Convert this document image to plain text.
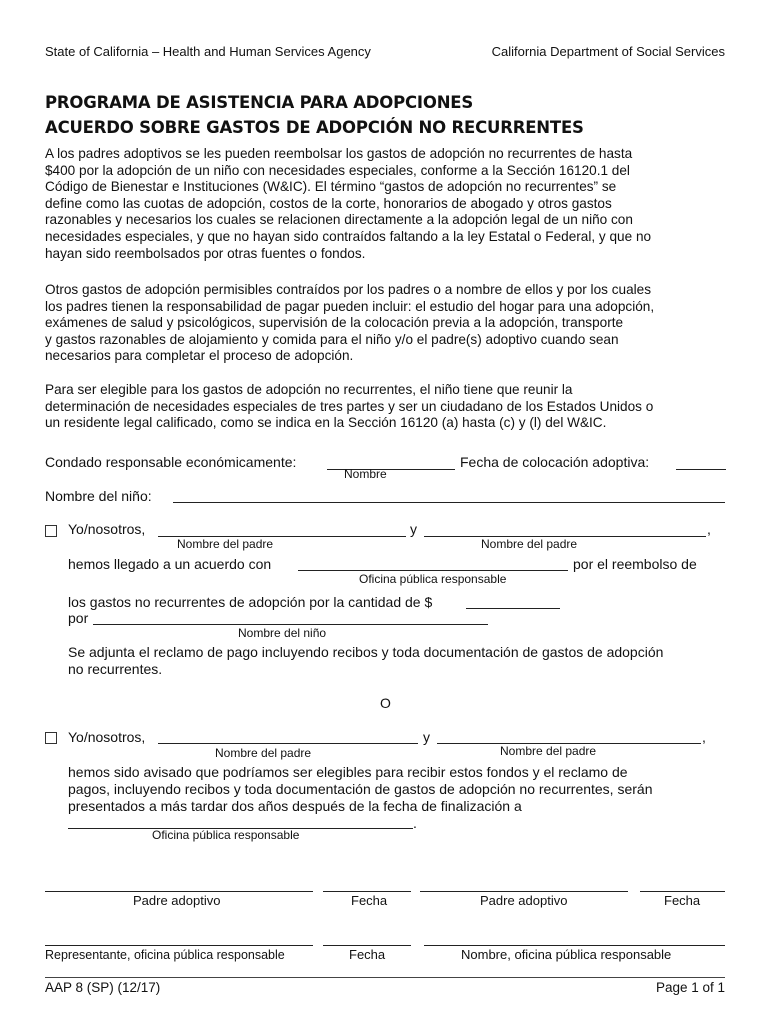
State of California – Health and Human Services Agency	California Department of Social Services
PROGRAMA DE ASISTENCIA PARA ADOPCIONES
ACUERDO SOBRE GASTOS DE ADOPCIÓN NO RECURRENTES
A los padres adoptivos se les pueden reembolsar los gastos de adopción no recurrentes de hasta
$400 por la adopción de un niño con necesidades especiales, conforme a la Sección 16120.1 del
Código de Bienestar e Instituciones (W&IC). El término “gastos de adopción no recurrentes” se
define como las cuotas de adopción, costos de la corte, honorarios de abogado y otros gastos
razonables y necesarios los cuales se relacionen directamente a la adopción legal de un niño con
necesidades especiales, y que no hayan sido contraídos faltando a la ley Estatal o Federal, y que no
hayan sido reembolsados por otras fuentes o fondos.
Otros gastos de adopción permisibles contraídos por los padres o a nombre de ellos y por los cuales
los padres tienen la responsabilidad de pagar pueden incluir: el estudio del hogar para una adopción,
exámenes de salud y psicológicos, supervisión de la colocación previa a la adopción, transporte
y gastos razonables de alojamiento y comida para el niño y/o el padre(s) adoptivo cuando sean
necesarios para completar el proceso de adopción.
Para ser elegible para los gastos de adopción no recurrentes, el niño tiene que reunir la
determinación de necesidades especiales de tres partes y ser un ciudadano de los Estados Unidos o
un residente legal calificado, como se indica en la Sección 16120 (a) hasta (c) y (l) del W&IC.
Condado responsable económicamente:
Nombre
Fecha de colocación adoptiva:
Nombre del niño:
Yo/nosotros,	y	,
Nombre del padre	Nombre del padre
hemos llegado a un acuerdo con	por el reembolso de
Oficina pública responsable
los gastos no recurrentes de adopción por la cantidad de $
por
Nombre del niño
Se adjunta el reclamo de pago incluyendo recibos y toda documentación de gastos de adopción
no recurrentes.
O
Yo/nosotros,	y	,
Nombre del padre	Nombre del padre
hemos sido avisado que podríamos ser elegibles para recibir estos fondos y el reclamo de
pagos, incluyendo recibos y toda documentación de gastos de adopción no recurrentes, serán
presentados a más tardar dos años después de la fecha de finalización a
.
Oficina pública responsable
Padre adoptivo	Fecha	Padre adoptivo	Fecha
Representante, oficina pública responsable	Fecha	Nombre, oficina pública responsable
AAP 8 (SP) (12/17)	Page 1 of 1
